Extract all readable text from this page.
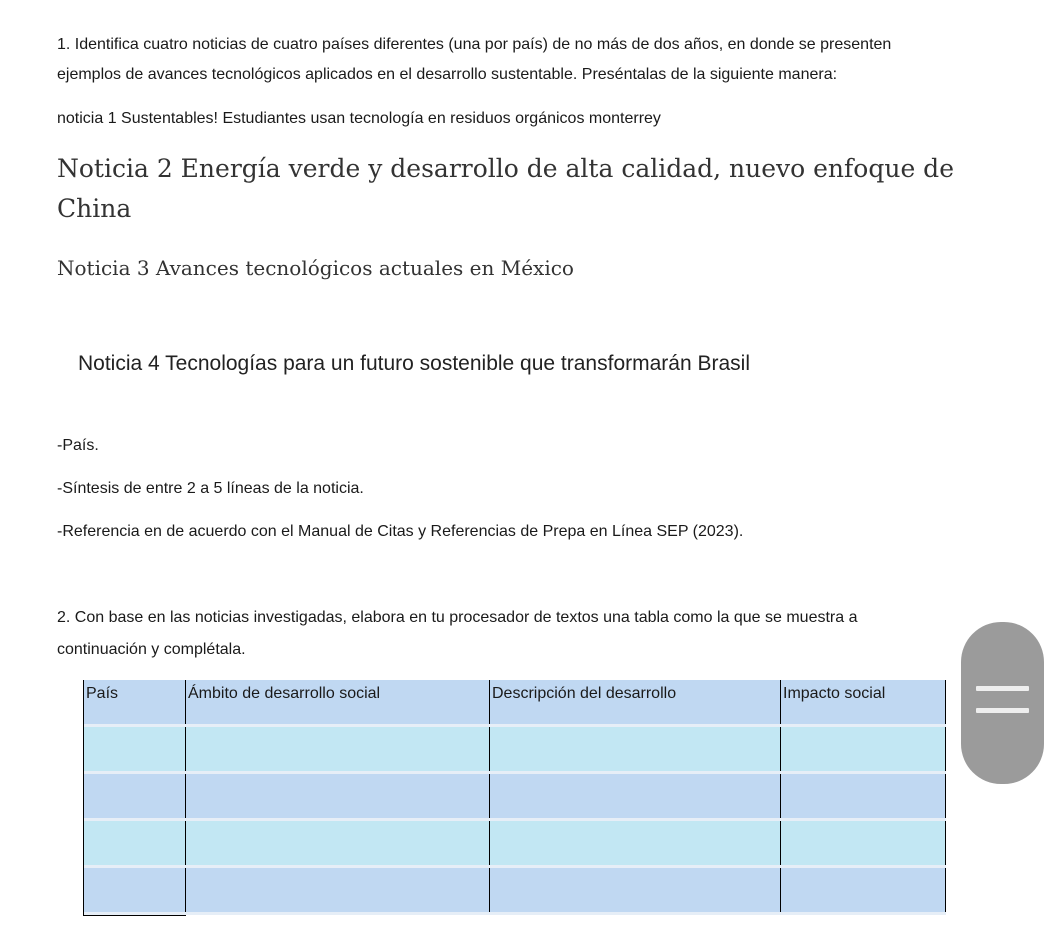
1. Identifica cuatro noticias de cuatro países diferentes (una por país) de no más de dos años, en donde se presenten

ejemplos de avances tecnológicos aplicados en el desarrollo sustentable. Preséntalas de la siguiente manera:

noticia 1 Sustentables! Estudiantes usan tecnología en residuos orgánicos monterrey

Noticia 2 Energía verde y desarrollo de alta calidad, nuevo enfoque de China

Noticia 3 Avances tecnológicos actuales en México

Noticia 4 Tecnologías para un futuro sostenible que transformarán Brasil

-País.

-Síntesis de entre 2 a 5 líneas de la noticia.

-Referencia en de acuerdo con el Manual de Citas y Referencias de Prepa en Línea SEP (2023).

2. Con base en las noticias investigadas, elabora en tu procesador de textos una tabla como la que se muestra a

continuación y complétala.

País	Ámbito de desarrollo social	Descripción del desarrollo	Impacto social
